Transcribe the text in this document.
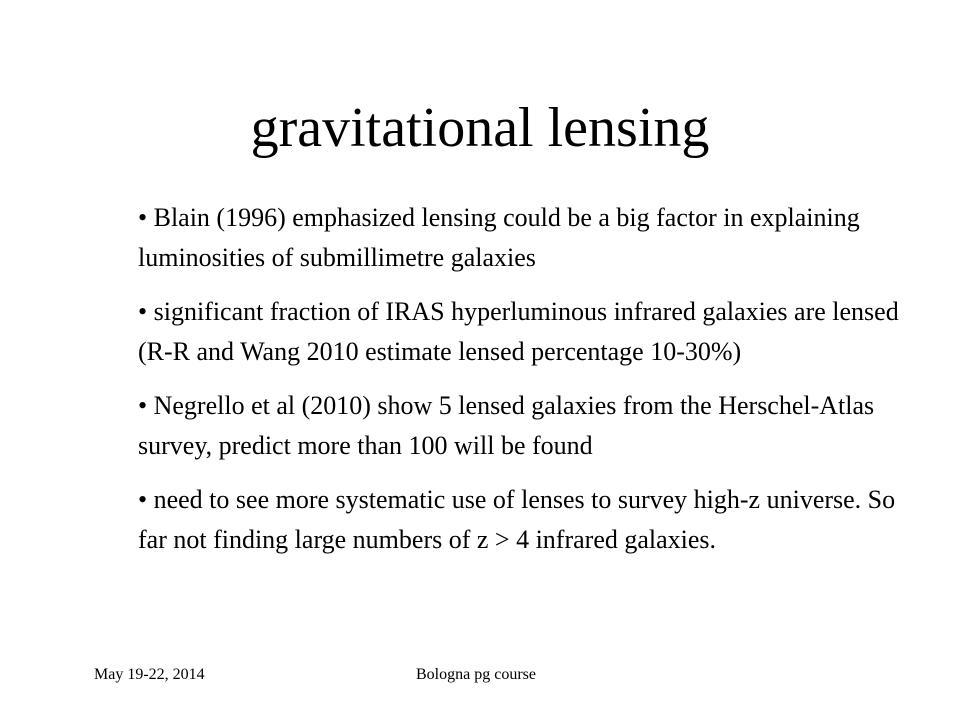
gravitational lensing
• Blain (1996) emphasized lensing could be a big factor in explaining luminosities of submillimetre galaxies
• significant fraction of IRAS hyperluminous infrared galaxies are lensed (R-R and Wang 2010 estimate lensed percentage 10-30%)
• Negrello et al (2010) show 5 lensed galaxies from the Herschel-Atlas survey, predict more than 100 will be found
• need to see more systematic use of lenses to survey high-z universe. So far not finding large numbers of z > 4 infrared galaxies.
May 19-22, 2014	Bologna pg course
